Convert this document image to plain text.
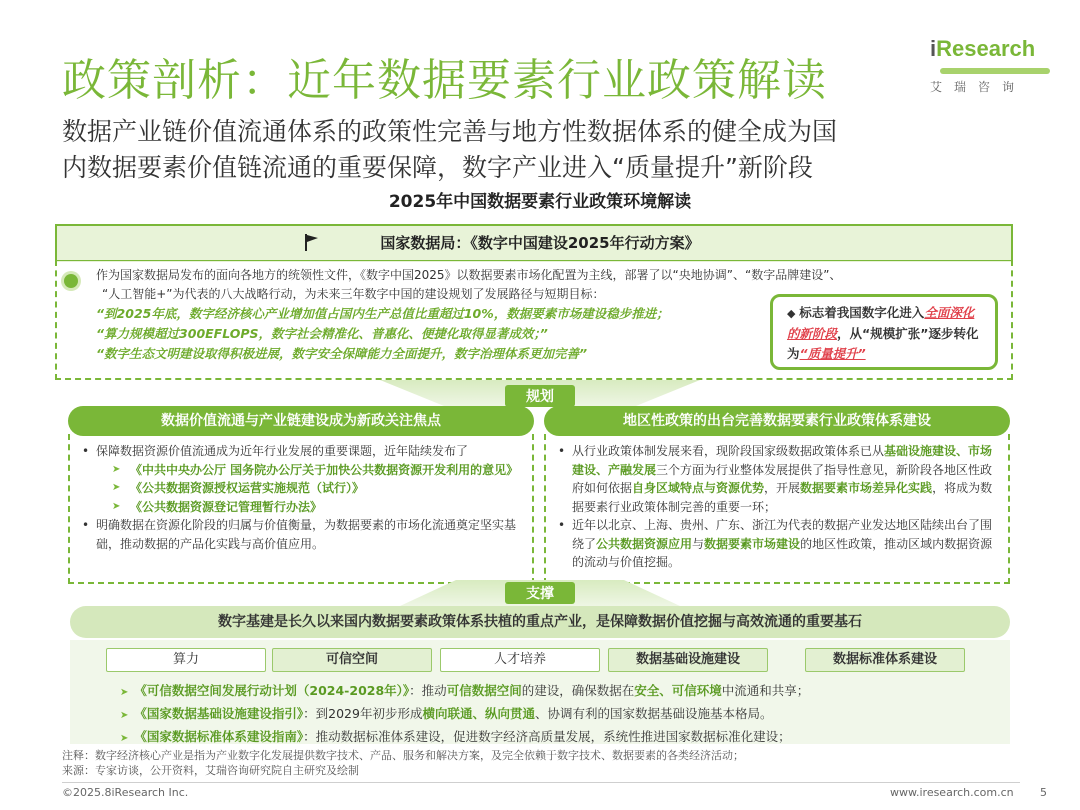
政策剖析：近年数据要素行业政策解读
iResearch
艾瑞咨询
数据产业链价值流通体系的政策性完善与地方性数据体系的健全成为国
内数据要素价值链流通的重要保障，数字产业进入“质量提升”新阶段
2025年中国数据要素行业政策环境解读
国家数据局：《数字中国建设2025年行动方案》
作为国家数据局发布的面向各地方的统领性文件，《数字中国2025》以数据要素市场化配置为主线，部署了以“央地协调”、“数字品牌建设”、
“人工智能+”为代表的八大战略行动，为未来三年数字中国的建设规划了发展路径与短期目标：
“到2025年底，数字经济核心产业增加值占国内生产总值比重超过10%，数据要素市场建设稳步推进；
“算力规模超过300EFLOPS，数字社会精准化、普惠化、便捷化取得显著成效；”
“数字生态文明建设取得积极进展，数字安全保障能力全面提升，数字治理体系更加完善”
◆ 标志着我国数字化进入全面深化的新阶段，从“规模扩张”逐步转化为“质量提升”
规划
数据价值流通与产业链建设成为新政关注焦点	地区性政策的出台完善数据要素行业政策体系建设
• 保障数据资源价值流通成为近年行业发展的重要课题，近年陆续发布了
➤ 《中共中央办公厅 国务院办公厅关于加快公共数据资源开发利用的意见》
➤ 《公共数据资源授权运营实施规范（试行）》
➤ 《公共数据资源登记管理暂行办法》
• 明确数据在资源化阶段的归属与价值衡量，为数据要素的市场化流通奠定坚实基础，推动数据的产品化实践与高价值应用。
• 从行业政策体制发展来看，现阶段国家级数据政策体系已从基础设施建设、市场建设、产融发展三个方面为行业整体发展提供了指导性意见，新阶段各地区性政府如何依据自身区域特点与资源优势，开展数据要素市场差异化实践，将成为数据要素行业政策体制完善的重要一环；
• 近年以北京、上海、贵州、广东、浙江为代表的数据产业发达地区陆续出台了围绕了公共数据资源应用与数据要素市场建设的地区性政策，推动区域内数据资源的流动与价值挖掘。
支撑
数字基建是长久以来国内数据要素政策体系扶植的重点产业，是保障数据价值挖掘与高效流通的重要基石
算力	可信空间	人才培养	数据基础设施建设	数据标准体系建设
➤ 《可信数据空间发展行动计划（2024-2028年）》：推动可信数据空间的建设，确保数据在安全、可信环境中流通和共享；
➤ 《国家数据基础设施建设指引》：到2029年初步形成横向联通、纵向贯通、协调有利的国家数据基础设施基本格局。
➤ 《国家数据标准体系建设指南》：推动数据标准体系建设，促进数字经济高质量发展，系统性推进国家数据标准化建设；
注释：数字经济核心产业是指为产业数字化发展提供数字技术、产品、服务和解决方案，及完全依赖于数字技术、数据要素的各类经济活动；
来源：专家访谈，公开资料，艾瑞咨询研究院自主研究及绘制
©2025.8iResearch Inc.	www.iresearch.com.cn 5
